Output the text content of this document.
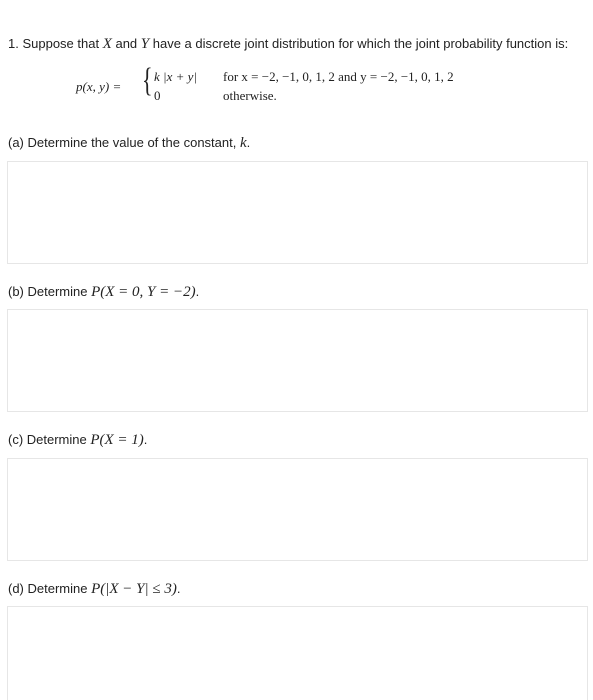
1. Suppose that X and Y have a discrete joint distribution for which the joint probability function is:
p(x, y) = { k |x + y| for x = −2, −1, 0, 1, 2 and y = −2, −1, 0, 1, 2
0	otherwise.
(a) Determine the value of the constant, k.
(b) Determine P(X = 0, Y = −2).
(c) Determine P(X = 1).
(d) Determine P(|X − Y| ≤ 3).
